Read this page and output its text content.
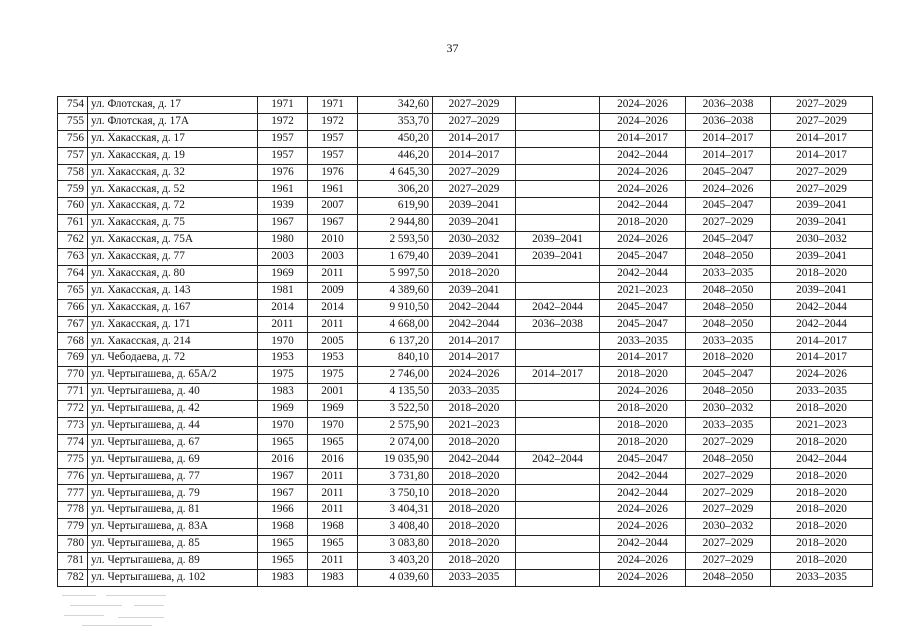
37
754	ул. Флотская, д. 17	1971	1971	342,60	2027–2029		2024–2026	2036–2038	2027–2029
755	ул. Флотская, д. 17А	1972	1972	353,70	2027–2029		2024–2026	2036–2038	2027–2029
756	ул. Хакасская, д. 17	1957	1957	450,20	2014–2017		2014–2017	2014–2017	2014–2017
757	ул. Хакасская, д. 19	1957	1957	446,20	2014–2017		2042–2044	2014–2017	2014–2017
758	ул. Хакасская, д. 32	1976	1976	4 645,30	2027–2029		2024–2026	2045–2047	2027–2029
759	ул. Хакасская, д. 52	1961	1961	306,20	2027–2029		2024–2026	2024–2026	2027–2029
760	ул. Хакасская, д. 72	1939	2007	619,90	2039–2041		2042–2044	2045–2047	2039–2041
761	ул. Хакасская, д. 75	1967	1967	2 944,80	2039–2041		2018–2020	2027–2029	2039–2041
762	ул. Хакасская, д. 75А	1980	2010	2 593,50	2030–2032	2039–2041	2024–2026	2045–2047	2030–2032
763	ул. Хакасская, д. 77	2003	2003	1 679,40	2039–2041	2039–2041	2045–2047	2048–2050	2039–2041
764	ул. Хакасская, д. 80	1969	2011	5 997,50	2018–2020		2042–2044	2033–2035	2018–2020
765	ул. Хакасская, д. 143	1981	2009	4 389,60	2039–2041		2021–2023	2048–2050	2039–2041
766	ул. Хакасская, д. 167	2014	2014	9 910,50	2042–2044	2042–2044	2045–2047	2048–2050	2042–2044
767	ул. Хакасская, д. 171	2011	2011	4 668,00	2042–2044	2036–2038	2045–2047	2048–2050	2042–2044
768	ул. Хакасская, д. 214	1970	2005	6 137,20	2014–2017		2033–2035	2033–2035	2014–2017
769	ул. Чебодаева, д. 72	1953	1953	840,10	2014–2017		2014–2017	2018–2020	2014–2017
770	ул. Чертыгашева, д. 65А/2	1975	1975	2 746,00	2024–2026	2014–2017	2018–2020	2045–2047	2024–2026
771	ул. Чертыгашева, д. 40	1983	2001	4 135,50	2033–2035		2024–2026	2048–2050	2033–2035
772	ул. Чертыгашева, д. 42	1969	1969	3 522,50	2018–2020		2018–2020	2030–2032	2018–2020
773	ул. Чертыгашева, д. 44	1970	1970	2 575,90	2021–2023		2018–2020	2033–2035	2021–2023
774	ул. Чертыгашева, д. 67	1965	1965	2 074,00	2018–2020		2018–2020	2027–2029	2018–2020
775	ул. Чертыгашева, д. 69	2016	2016	19 035,90	2042–2044	2042–2044	2045–2047	2048–2050	2042–2044
776	ул. Чертыгашева, д. 77	1967	2011	3 731,80	2018–2020		2042–2044	2027–2029	2018–2020
777	ул. Чертыгашева, д. 79	1967	2011	3 750,10	2018–2020		2042–2044	2027–2029	2018–2020
778	ул. Чертыгашева, д. 81	1966	2011	3 404,31	2018–2020		2024–2026	2027–2029	2018–2020
779	ул. Чертыгашева, д. 83А	1968	1968	3 408,40	2018–2020		2024–2026	2030–2032	2018–2020
780	ул. Чертыгашева, д. 85	1965	1965	3 083,80	2018–2020		2042–2044	2027–2029	2018–2020
781	ул. Чертыгашева, д. 89	1965	2011	3 403,20	2018–2020		2024–2026	2027–2029	2018–2020
782	ул. Чертыгашева, д. 102	1983	1983	4 039,60	2033–2035		2024–2026	2048–2050	2033–2035
